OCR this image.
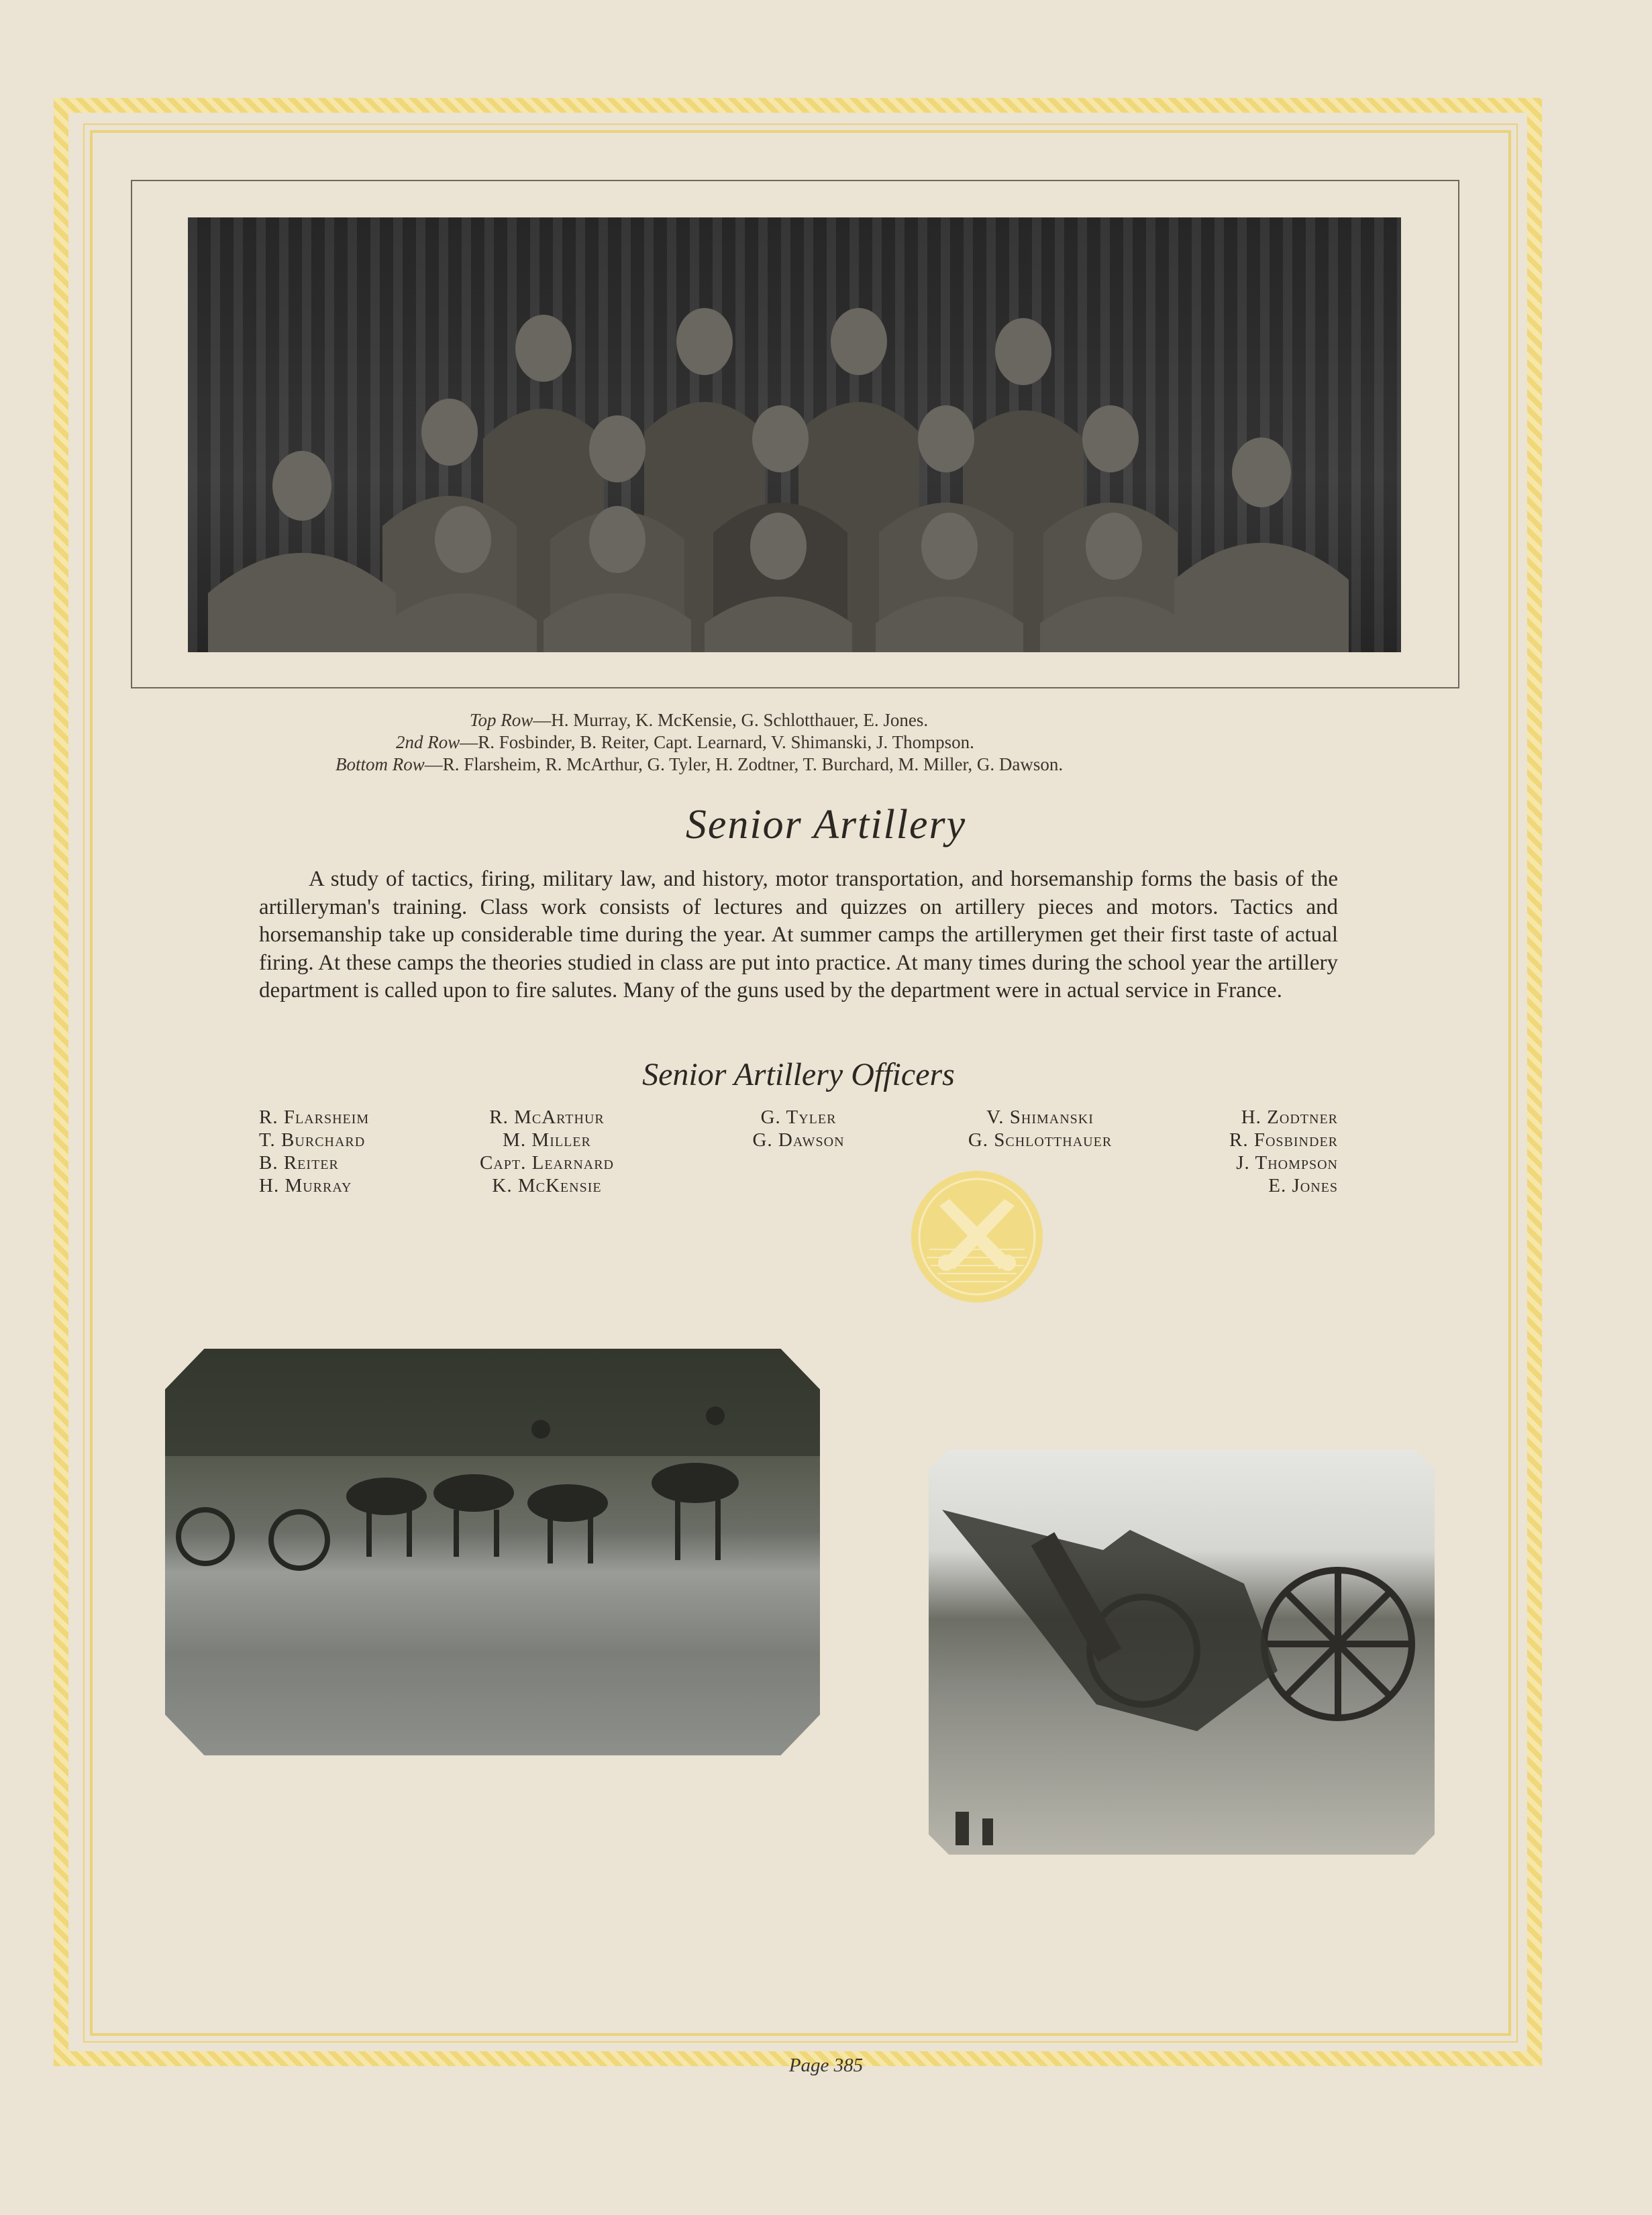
Top Row—H. Murray, K. McKensie, G. Schlotthauer, E. Jones.
2nd Row—R. Fosbinder, B. Reiter, Capt. Learnard, V. Shimanski, J. Thompson.
Bottom Row—R. Flarsheim, R. McArthur, G. Tyler, H. Zodtner, T. Burchard, M. Miller, G. Dawson.
Senior Artillery
A study of tactics, firing, military law, and history, motor transportation, and horsemanship forms the basis of the artilleryman's training. Class work consists of lectures and quizzes on artillery pieces and motors. Tactics and horsemanship take up considerable time during the year. At summer camps the artillerymen get their first taste of actual firing. At these camps the theories studied in class are put into practice. At many times during the school year the artillery department is called upon to fire salutes. Many of the guns used by the department were in actual service in France.
Senior Artillery Officers
R. Flarsheim
T. Burchard
B. Reiter
H. Murray
R. McArthur
M. Miller
Capt. Learnard
K. McKensie
G. Tyler
G. Dawson
V. Shimanski
G. Schlotthauer
H. Zodtner
R. Fosbinder
J. Thompson
E. Jones
Page 385
